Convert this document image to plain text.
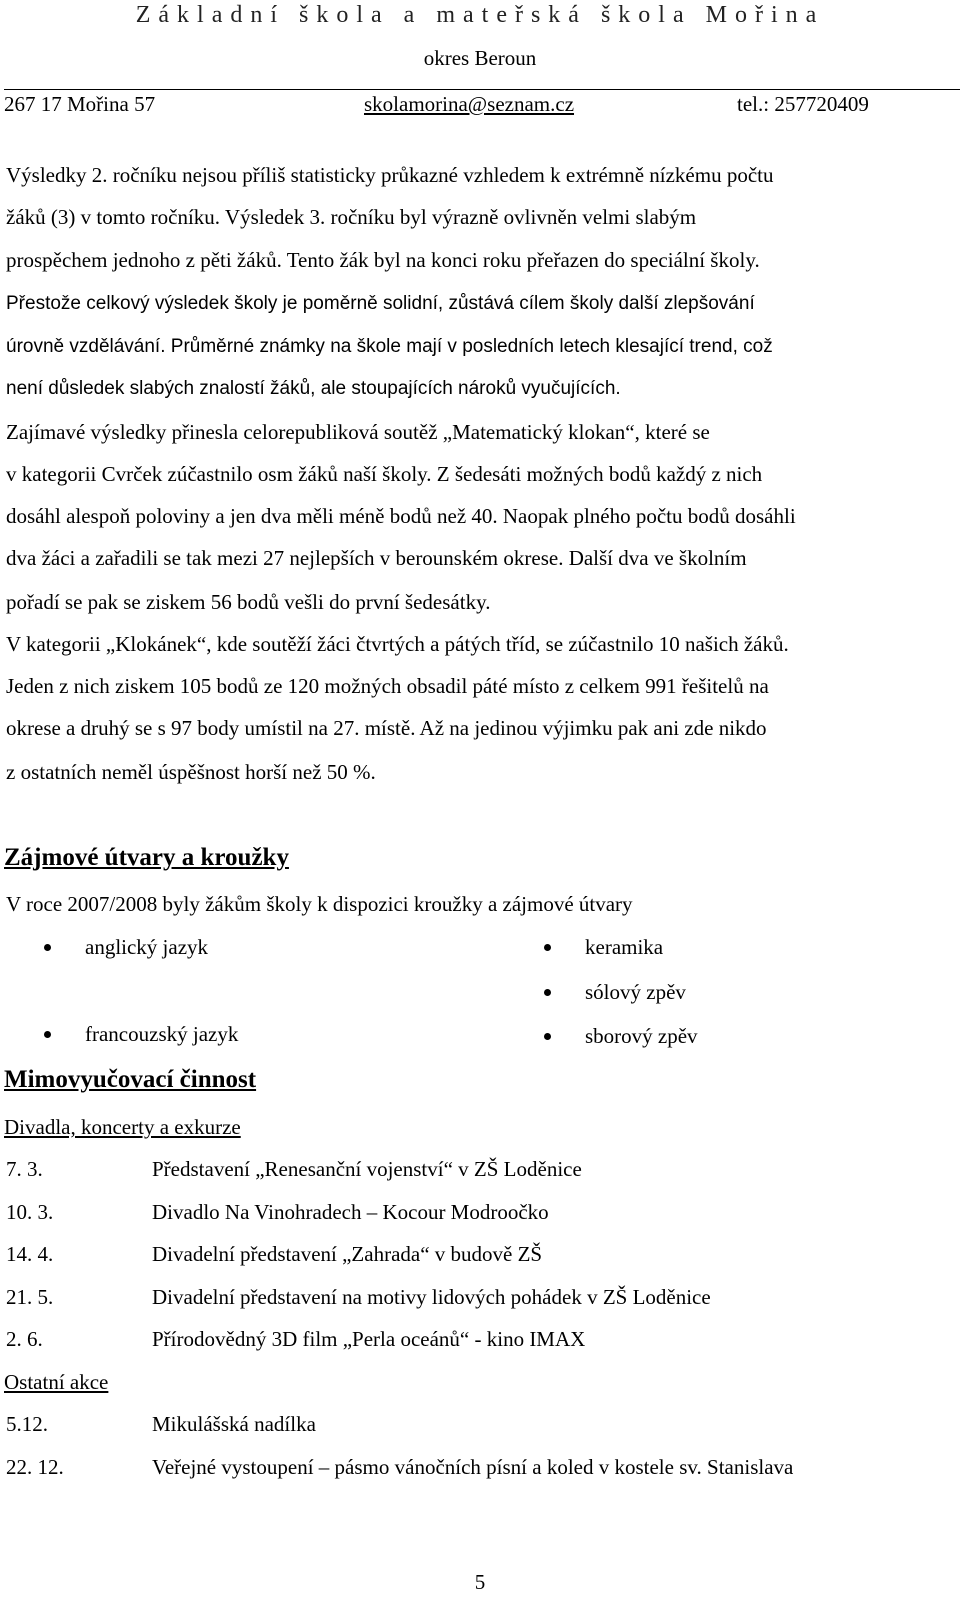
Základní škola a mateřská škola Mořina
okres Beroun
267 17 Mořina 57	skolamorina@seznam.cz	tel.: 257720409
Výsledky 2. ročníku nejsou příliš statisticky průkazné vzhledem k extrémně nízkému počtu
žáků (3) v tomto ročníku. Výsledek 3. ročníku byl výrazně ovlivněn velmi slabým
prospěchem jednoho z pěti žáků. Tento žák byl na konci roku přeřazen do speciální školy.
Přestože celkový výsledek školy je poměrně solidní, zůstává cílem školy další zlepšování
úrovně vzdělávání. Průměrné známky na škole mají v posledních letech klesající trend, což
není důsledek slabých znalostí žáků, ale stoupajících nároků vyučujících.
Zajímavé výsledky přinesla celorepubliková soutěž „Matematický klokan“, které se
v kategorii Cvrček zúčastnilo osm žáků naší školy. Z šedesáti možných bodů každý z nich
dosáhl alespoň poloviny a jen dva měli méně bodů než 40. Naopak plného počtu bodů dosáhli
dva žáci a zařadili se tak mezi 27 nejlepších v berounském okrese. Další dva ve školním
pořadí se pak se ziskem 56 bodů vešli do první šedesátky.
V kategorii „Klokánek“, kde soutěží žáci čtvrtých a pátých tříd, se zúčastnilo 10 našich žáků.
Jeden z nich ziskem 105 bodů ze 120 možných obsadil páté místo z celkem 991 řešitelů na
okrese a druhý se s 97 body umístil na 27. místě. Až na jedinou výjimku pak ani zde nikdo
z ostatních neměl úspěšnost horší než 50 %.
Zájmové útvary a kroužky
V roce 2007/2008 byly žákům školy k dispozici kroužky a zájmové útvary
anglický jazyk
francouzský jazyk
keramika
sólový zpěv
sborový zpěv
Mimovyučovací činnost
Divadla, koncerty a exkurze
7. 3.	Představení „Renesanční vojenství“ v ZŠ Loděnice
10. 3.	Divadlo Na Vinohradech – Kocour Modroočko
14. 4.	Divadelní představení „Zahrada“ v budově ZŠ
21. 5.	Divadelní představení na motivy lidových pohádek v ZŠ Loděnice
2. 6.	Přírodovědný 3D film „Perla oceánů“ - kino IMAX
Ostatní akce
5.12.	Mikulášská nadílka
22. 12.	Veřejné vystoupení – pásmo vánočních písní a koled v kostele sv. Stanislava
5
